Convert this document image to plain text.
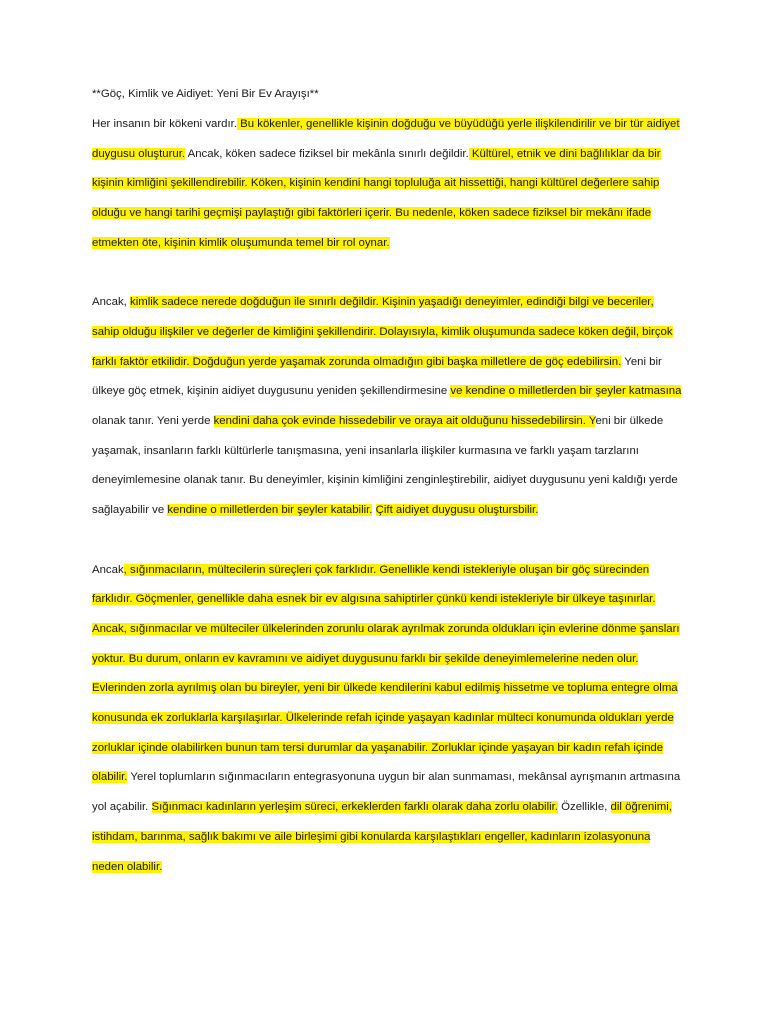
**Göç, Kimlik ve Aidiyet: Yeni Bir Ev Arayışı**

Her insanın bir kökeni vardır. Bu kökenler, genellikle kişinin doğduğu ve büyüdüğü yerle ilişkilendirilir ve bir tür aidiyet duygusu oluşturur. Ancak, köken sadece fiziksel bir mekânla sınırlı değildir. Kültürel, etnik ve dini bağlılıklar da bir kişinin kimliğini şekillendirebilir. Köken, kişinin kendini hangi topluluğa ait hissettiği, hangi kültürel değerlere sahip olduğu ve hangi tarihi geçmişi paylaştığı gibi faktörleri içerir. Bu nedenle, köken sadece fiziksel bir mekânı ifade etmekten öte, kişinin kimlik oluşumunda temel bir rol oynar.

Ancak, kimlik sadece nerede doğduğun ile sınırlı değildir. Kişinin yaşadığı deneyimler, edindiği bilgi ve beceriler, sahip olduğu ilişkiler ve değerler de kimliğini şekillendirir. Dolayısıyla, kimlik oluşumunda sadece köken değil, birçok farklı faktör etkilidir. Doğduğun yerde yaşamak zorunda olmadığın gibi başka milletlere de göç edebilirsin. Yeni bir ülkeye göç etmek, kişinin aidiyet duygusunu yeniden şekillendirmesine ve kendine o milletlerden bir şeyler katmasına olanak tanır. Yeni yerde kendini daha çok evinde hissedebilir ve oraya ait olduğunu hissedebilirsin. Yeni bir ülkede yaşamak, insanların farklı kültürlerle tanışmasına, yeni insanlarla ilişkiler kurmasına ve farklı yaşam tarzlarını deneyimlemesine olanak tanır. Bu deneyimler, kişinin kimliğini zenginleştirebilir, aidiyet duygusunu yeni kaldığı yerde sağlayabilir ve kendine o milletlerden bir şeyler katabilir. Çift aidiyet duygusu oluştursbilir.

Ancak, sığınmacıların, mültecilerin süreçleri çok farklıdır. Genellikle kendi istekleriyle oluşan bir göç sürecinden farklıdır. Göçmenler, genellikle daha esnek bir ev algısına sahiptirler çünkü kendi istekleriyle bir ülkeye taşınırlar. Ancak, sığınmacılar ve mülteciler ülkelerinden zorunlu olarak ayrılmak zorunda oldukları için evlerine dönme şansları yoktur. Bu durum, onların ev kavramını ve aidiyet duygusunu farklı bir şekilde deneyimlemelerine neden olur. Evlerinden zorla ayrılmış olan bu bireyler, yeni bir ülkede kendilerini kabul edilmiş hissetme ve topluma entegre olma konusunda ek zorluklarla karşılaşırlar. Ülkelerinde refah içinde yaşayan kadınlar mülteci konumunda oldukları yerde zorluklar içinde olabilirken bunun tam tersi durumlar da yaşanabilir. Zorluklar içinde yaşayan bir kadın refah içinde olabilir. Yerel toplumların sığınmacıların entegrasyonuna uygun bir alan sunmaması, mekânsal ayrışmanın artmasına yol açabilir. Sığınmacı kadınların yerleşim süreci, erkeklerden farklı olarak daha zorlu olabilir. Özellikle, dil öğrenimi, istihdam, barınma, sağlık bakımı ve aile birleşimi gibi konularda karşılaştıkları engeller, kadınların izolasyonuna neden olabilir.
